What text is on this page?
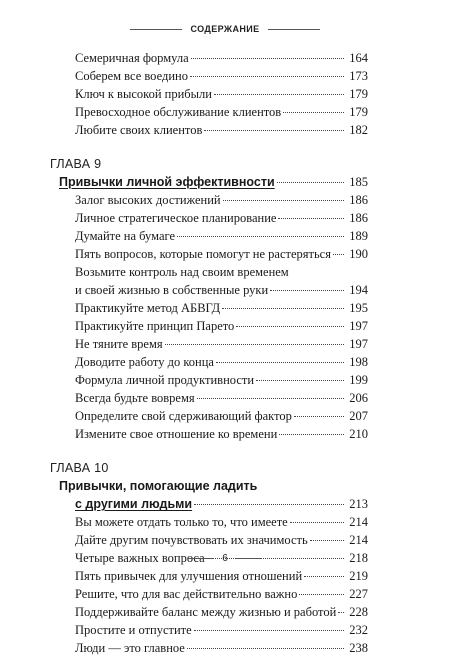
СОДЕРЖАНИЕ
Семеричная формула	164
Соберем все воедино	173
Ключ к высокой прибыли	179
Превосходное обслуживание клиентов	179
Любите своих клиентов	182
ГЛАВА 9
Привычки личной эффективности	185
Залог высоких достижений	186
Личное стратегическое планирование	186
Думайте на бумаге	189
Пять вопросов, которые помогут не растеряться 190
Возьмите контроль над своим временем
и своей жизнью в собственные руки	194
Практикуйте метод АБВГД	195
Практикуйте принцип Парето	197
Не тяните время	197
Доводите работу до конца	198
Формула личной продуктивности	199
Всегда будьте вовремя	206
Определите свой сдерживающий фактор	207
Измените свое отношение ко времени	210
ГЛАВА 10
Привычки, помогающие ладить
с другими людьми	213
Вы можете отдать только то, что имеете	214
Дайте другим почувствовать их значимость	214
Четыре важных вопроса	218
Пять привычек для улучшения отношений	219
Решите, что для вас действительно важно	227
Поддерживайте баланс между жизнью и работой 228
Простите и отпустите	232
Люди — это главное	238
6
